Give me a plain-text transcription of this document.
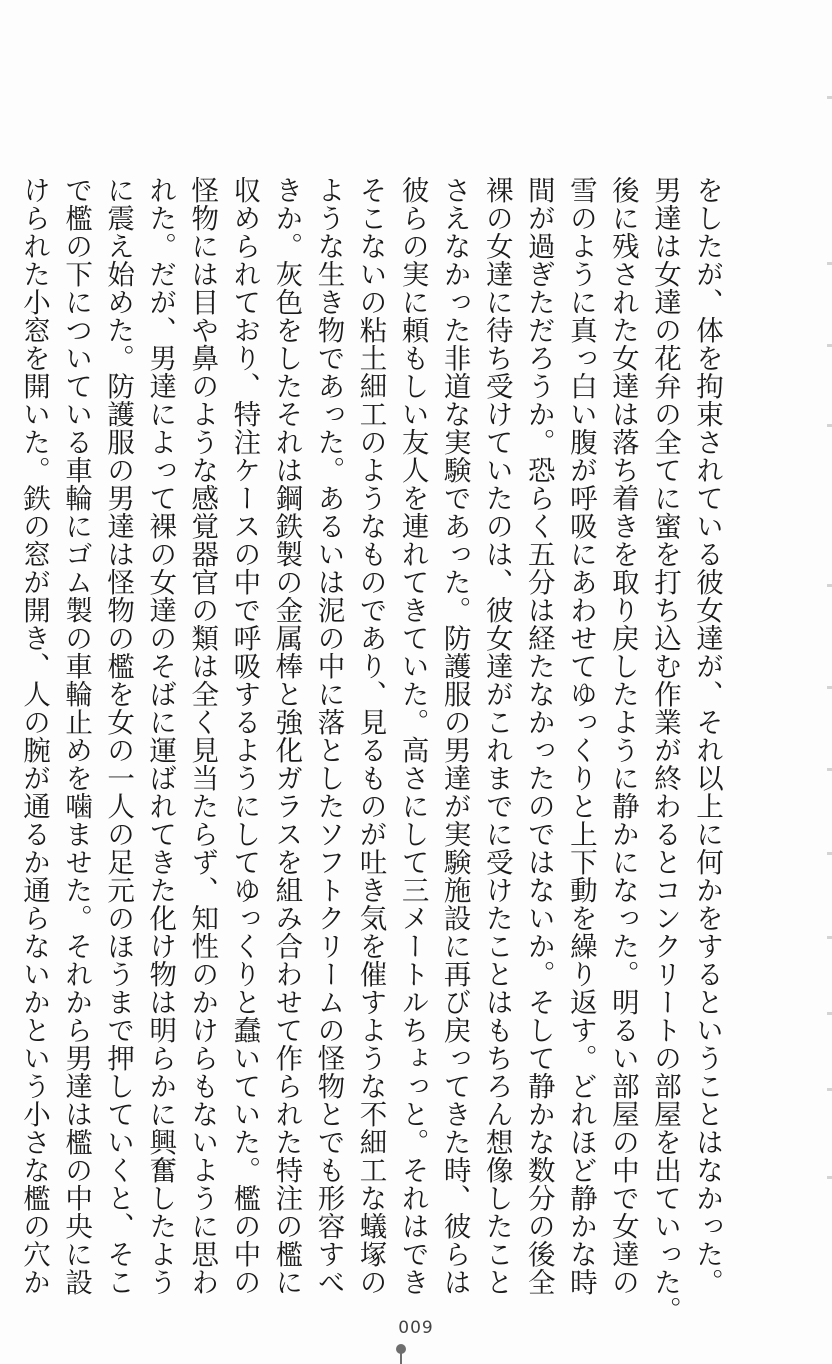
をしたが、体を拘束されている彼女達が、それ以上に何かをするということはなかった。
男達は女達の花弁の全てに蜜を打ち込む作業が終わるとコンクリートの部屋を出ていった。
後に残された女達は落ち着きを取り戻したように静かになった。明るい部屋の中で女達の
雪のように真っ白い腹が呼吸にあわせてゆっくりと上下動を繰り返す。どれほど静かな時
間が過ぎただろうか。恐らく五分は経たなかったのではないか。そして静かな数分の後全
裸の女達に待ち受けていたのは、彼女達がこれまでに受けたことはもちろん想像したこと
さえなかった非道な実験であった。防護服の男達が実験施設に再び戻ってきた時、彼らは
彼らの実に頼もしい友人を連れてきていた。高さにして三メートルちょっと。それはでき
そこないの粘土細工のようなものであり、見るものが吐き気を催すような不細工な蟻塚の
ような生き物であった。あるいは泥の中に落としたソフトクリームの怪物とでも形容すべ
きか。灰色をしたそれは鋼鉄製の金属棒と強化ガラスを組み合わせて作られた特注の檻に
収められており、特注ケースの中で呼吸するようにしてゆっくりと蠢いていた。檻の中の
怪物には目や鼻のような感覚器官の類は全く見当たらず、知性のかけらもないように思わ
れた。だが、男達によって裸の女達のそばに運ばれてきた化け物は明らかに興奮したよう
に震え始めた。防護服の男達は怪物の檻を女の一人の足元のほうまで押していくと、そこ
で檻の下についている車輪にゴム製の車輪止めを噛ませた。それから男達は檻の中央に設
けられた小窓を開いた。鉄の窓が開き、人の腕が通るか通らないかという小さな檻の穴か
009
